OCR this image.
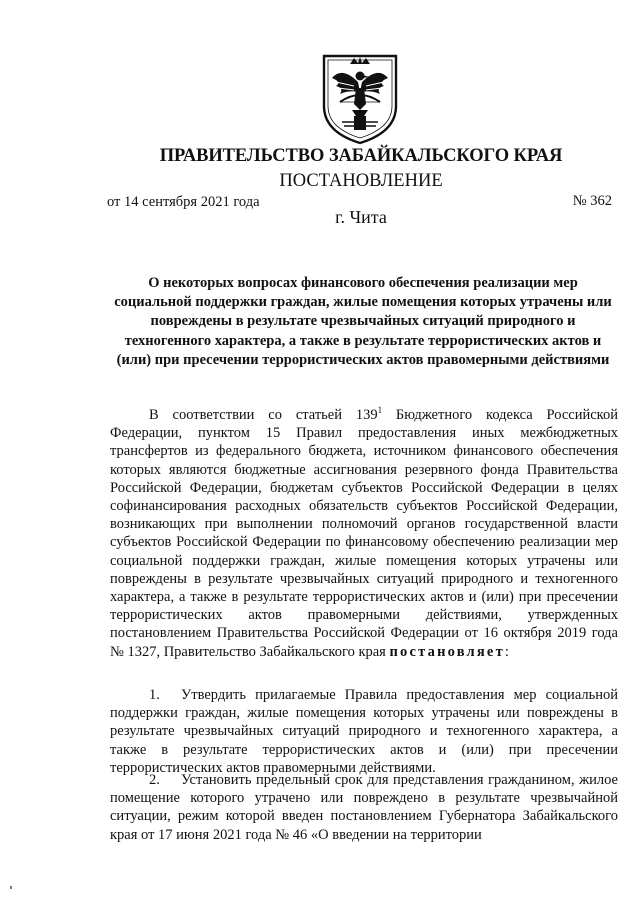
ПРАВИТЕЛЬСТВО ЗАБАЙКАЛЬСКОГО КРАЯ
ПОСТАНОВЛЕНИЕ
от 14 сентября 2021 года	№ 362
г. Чита
О некоторых вопросах финансового обеспечения реализации мер социальной поддержки граждан, жилые помещения которых утрачены или повреждены в результате чрезвычайных ситуаций природного и техногенного характера, а также в результате террористических актов и (или) при пресечении террористических актов правомерными действиями

В соответствии со статьей $139^1$ Бюджетного кодекса Российской Федерации, пунктом 15 Правил предоставления иных межбюджетных трансфертов из федерального бюджета, источником финансового обеспечения которых являются бюджетные ассигнования резервного фонда Правительства Российской Федерации, бюджетам субъектов Российской Федерации в целях софинансирования расходных обязательств субъектов Российской Федерации, возникающих при выполнении полномочий органов государственной власти субъектов Российской Федерации по финансовому обеспечению реализации мер социальной поддержки граждан, жилые помещения которых утрачены или повреждены в результате чрезвычайных ситуаций природного и техногенного характера, а также в результате террористических актов и (или) при пресечении террористических актов правомерными действиями, утвержденных постановлением Правительства Российской Федерации от 16 октября 2019 года № 1327, Правительство Забайкальского края постановляет:

1. Утвердить прилагаемые Правила предоставления мер социальной поддержки граждан, жилые помещения которых утрачены или повреждены в результате чрезвычайных ситуаций природного и техногенного характера, а также в результате террористических актов и (или) при пресечении террористических актов правомерными действиями.

2. Установить предельный срок для представления гражданином, жилое помещение которого утрачено или повреждено в результате чрезвычайной ситуации, режим которой введен постановлением Губернатора Забайкальского края от 17 июня 2021 года № 46 «О введении на территории
